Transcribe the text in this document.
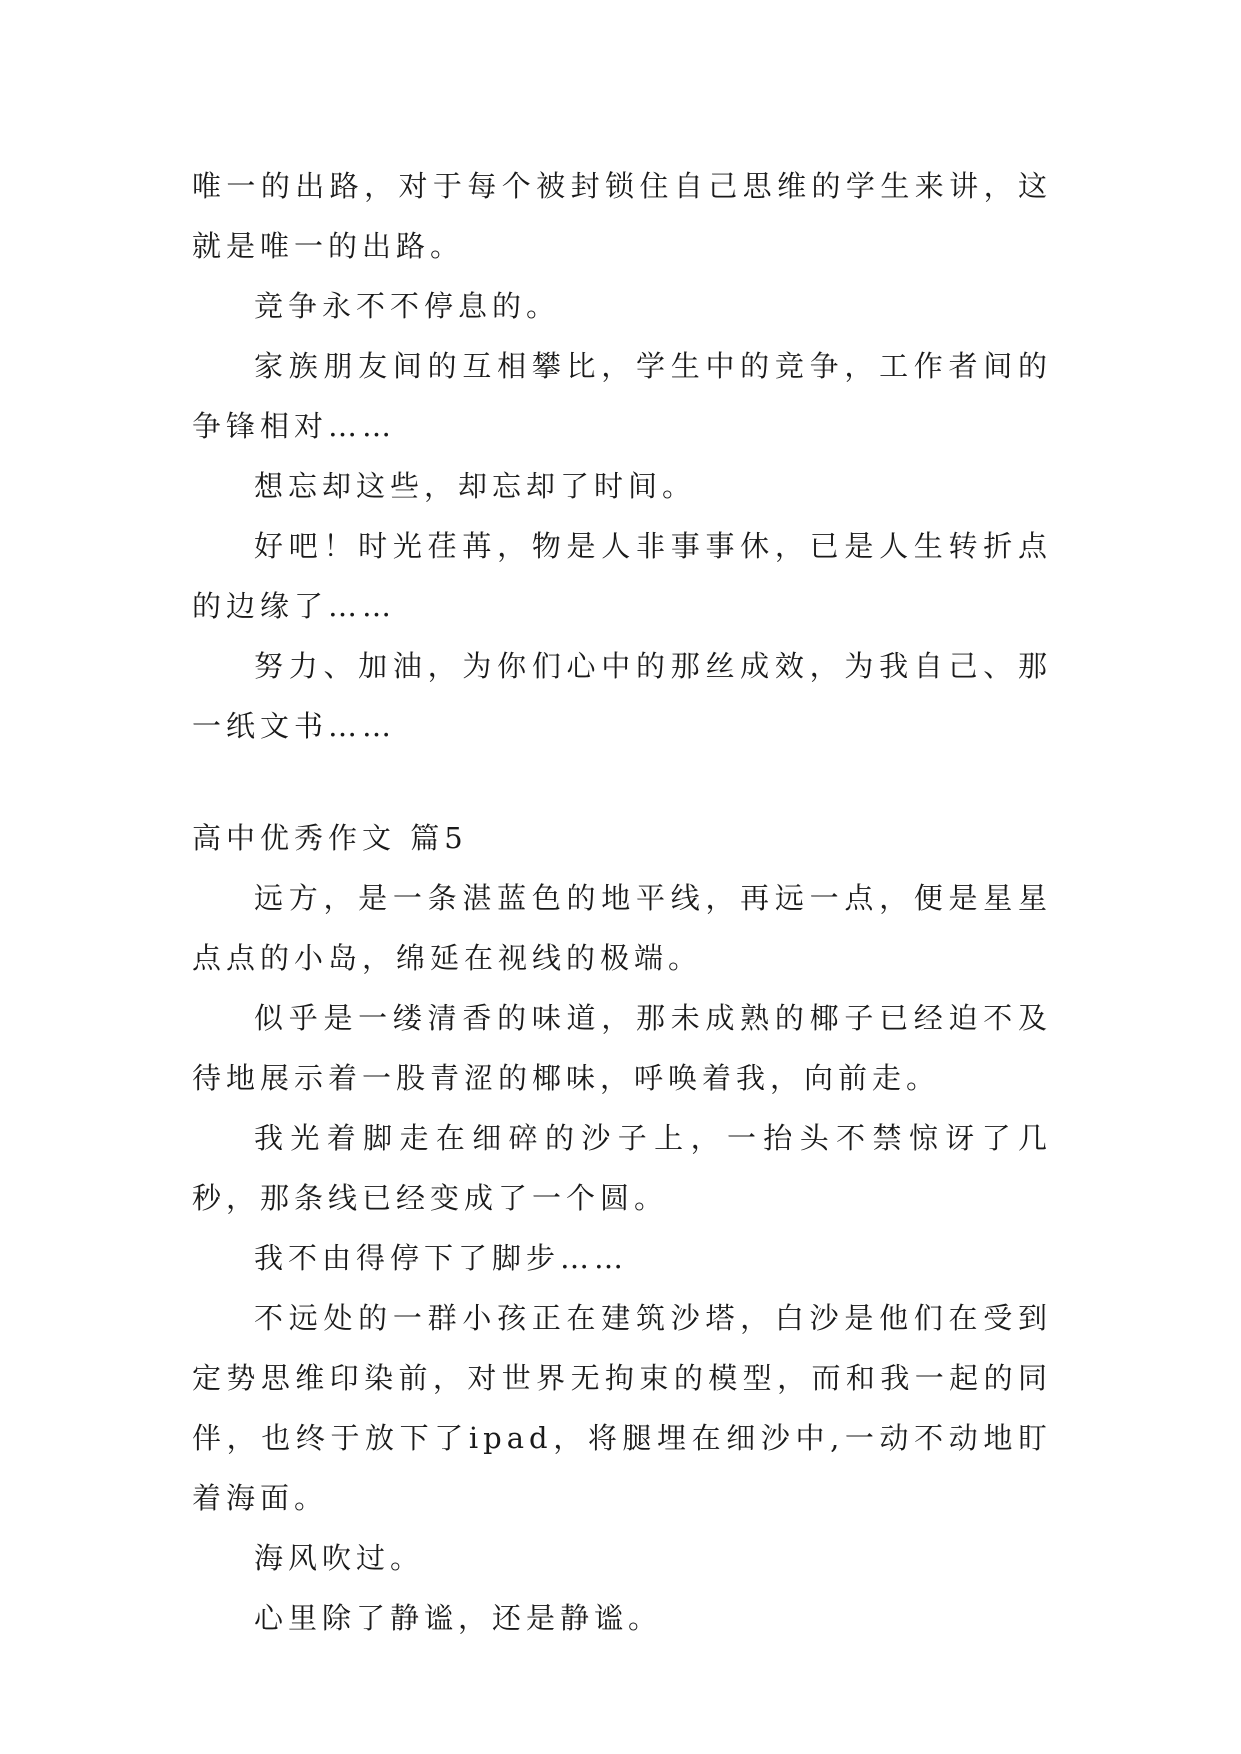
唯一的出路，对于每个被封锁住自己思维的学生来讲，这就是唯一的出路。

竞争永不不停息的。

家族朋友间的互相攀比，学生中的竞争，工作者间的争锋相对……

想忘却这些，却忘却了时间。

好吧！时光荏苒，物是人非事事休，已是人生转折点的边缘了……

努力、加油，为你们心中的那丝成效，为我自己、那一纸文书……

高中优秀作文 篇5

远方，是一条湛蓝色的地平线，再远一点，便是星星点点的小岛，绵延在视线的极端。

似乎是一缕清香的味道，那未成熟的椰子已经迫不及待地展示着一股青涩的椰味，呼唤着我，向前走。

我光着脚走在细碎的沙子上，一抬头不禁惊讶了几秒，那条线已经变成了一个圆。

我不由得停下了脚步……

不远处的一群小孩正在建筑沙塔，白沙是他们在受到定势思维印染前，对世界无拘束的模型，而和我一起的同伴，也终于放下了ipad，将腿埋在细沙中,一动不动地盯着海面。

海风吹过。

心里除了静谧，还是静谧。
